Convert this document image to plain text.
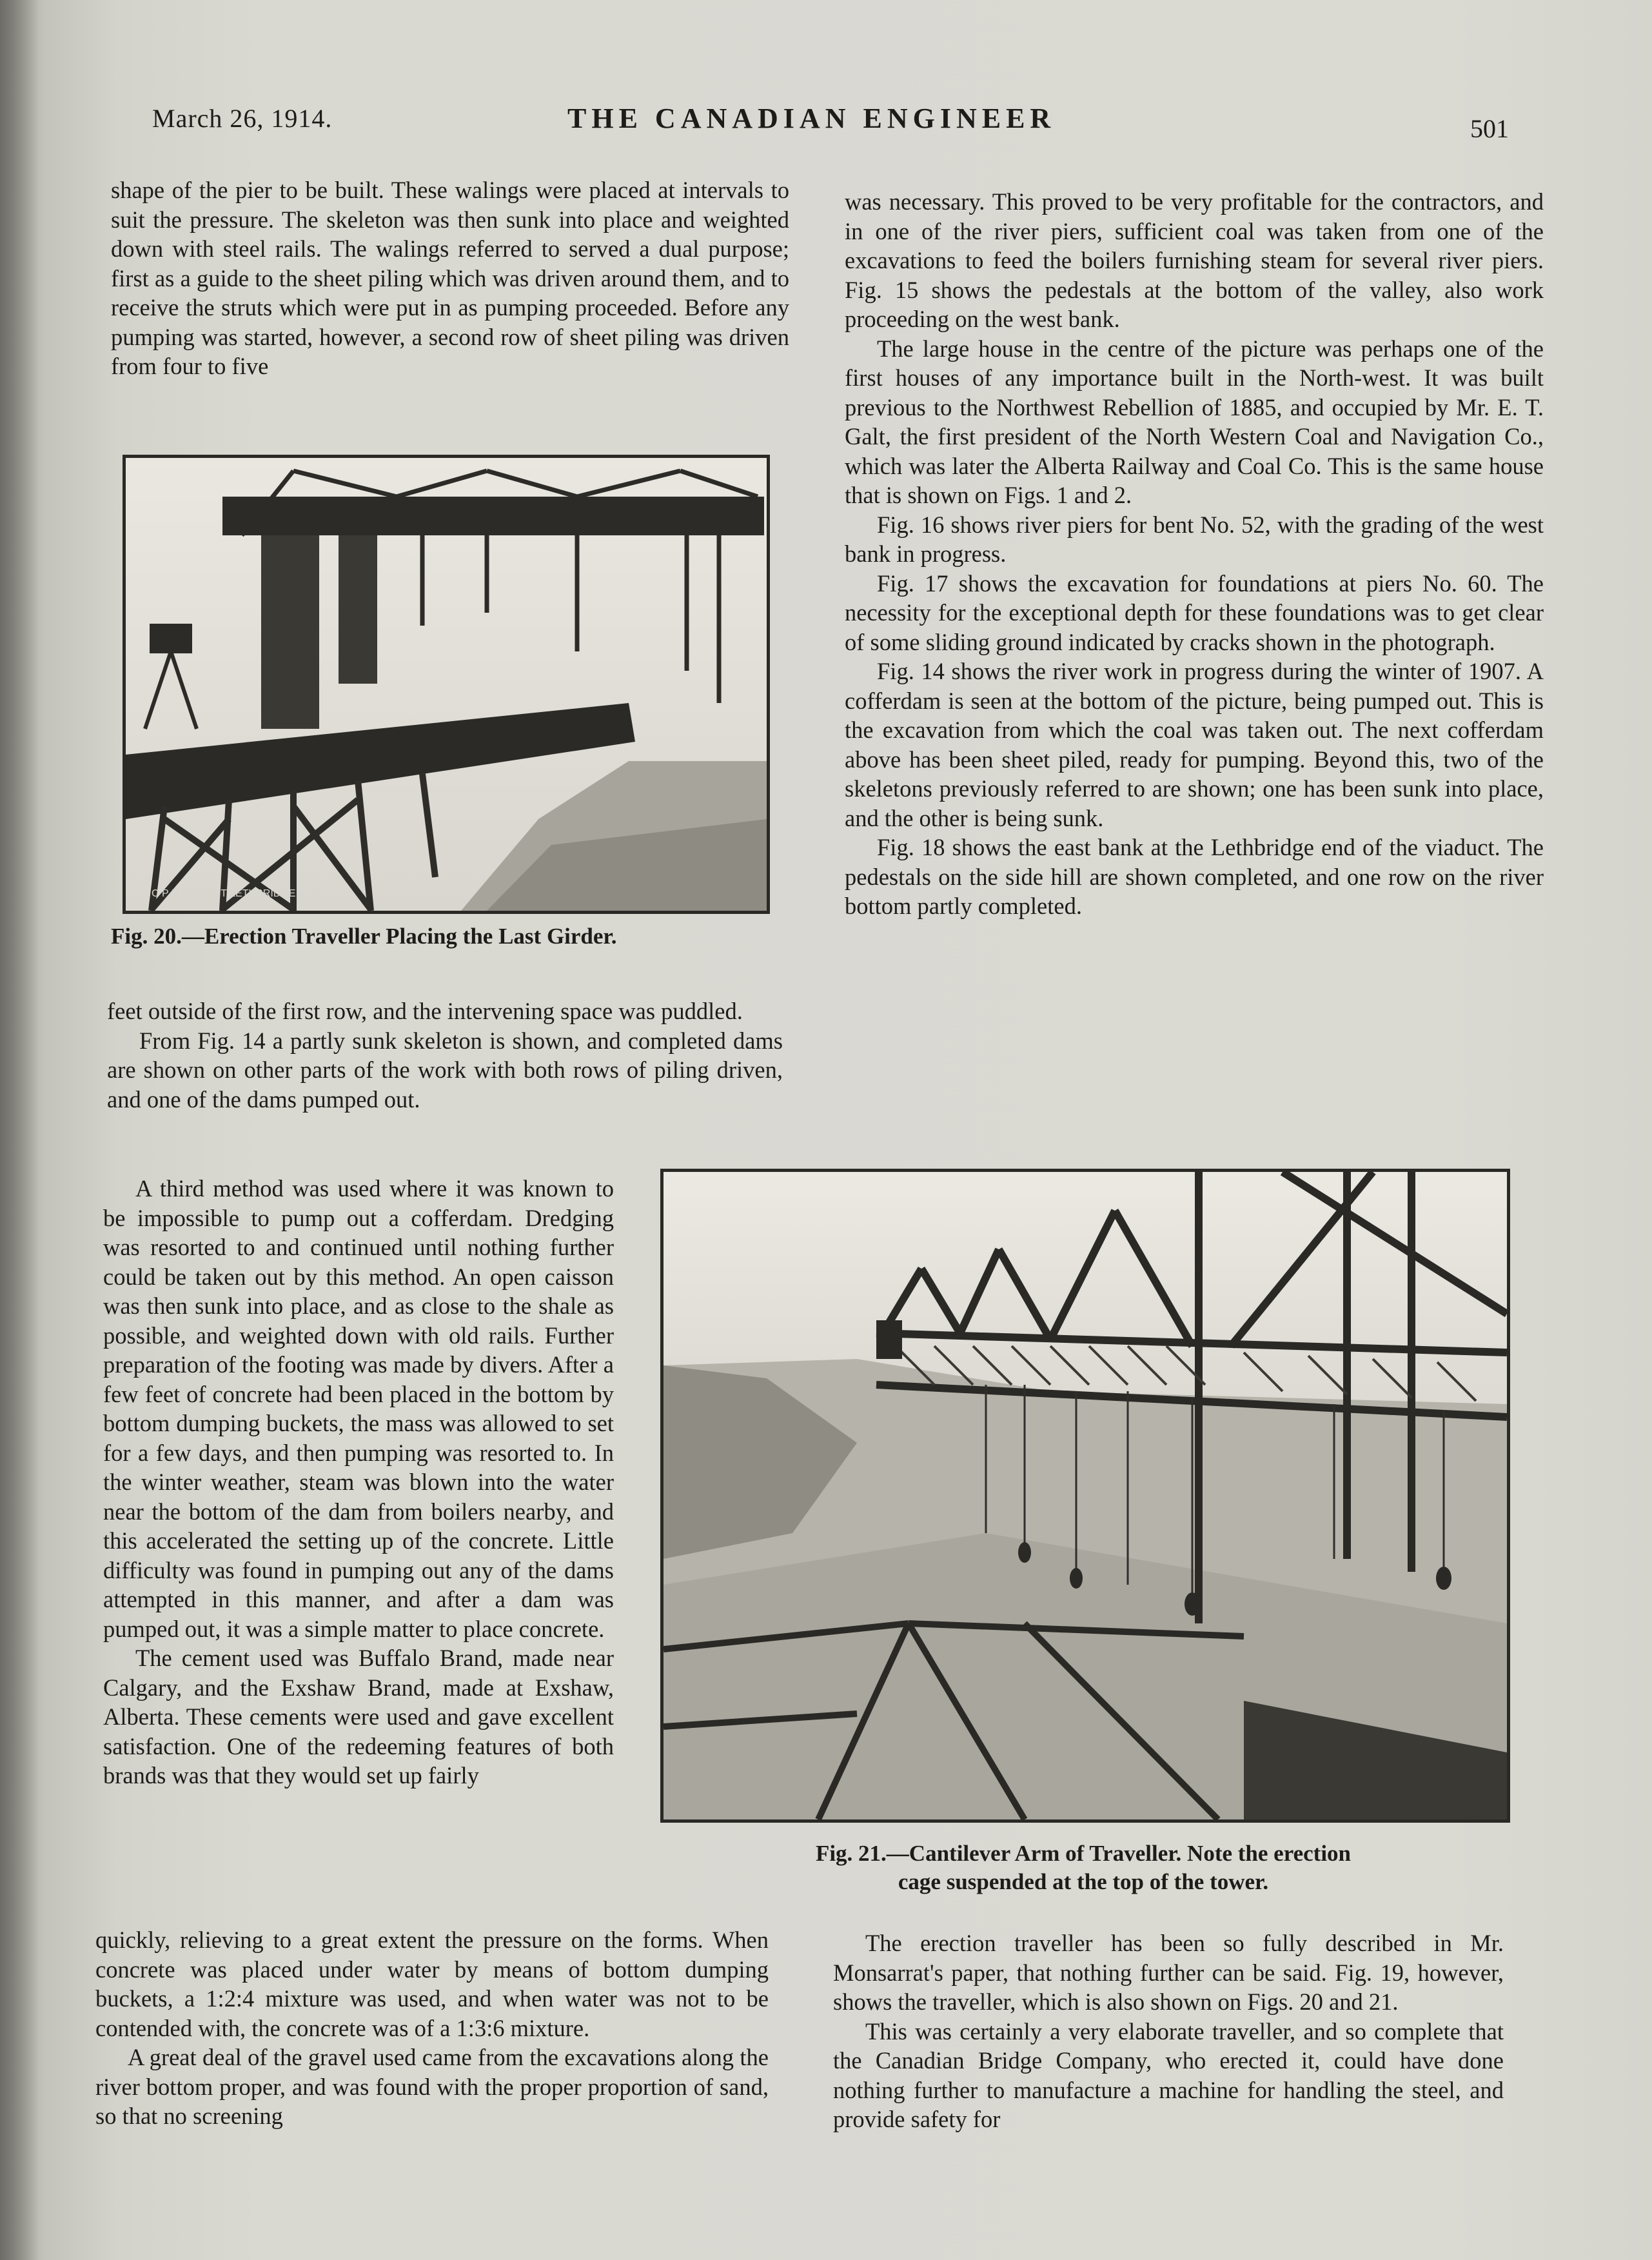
March 26, 1914.	THE CANADIAN ENGINEER	501

shape of the pier to be built. These walings were placed at intervals to suit the pressure. The skeleton was then sunk into place and weighted down with steel rails. The walings referred to served a dual purpose; first as a guide to the sheet piling which was driven around them, and to receive the struts which were put in as pumping proceeded. Before any pumping was started, however, a second row of sheet piling was driven from four to five

C P R VIADUCT LETHBRIDGE ALTA
Fig. 20.—Erection Traveller Placing the Last Girder.

feet outside of the first row, and the intervening space was puddled.

From Fig. 14 a partly sunk skeleton is shown, and completed dams are shown on other parts of the work with both rows of piling driven, and one of the dams pumped out.

A third method was used where it was known to be impossible to pump out a cofferdam. Dredging was resorted to and continued until nothing further could be taken out by this method. An open caisson was then sunk into place, and as close to the shale as possible, and weighted down with old rails. Further preparation of the footing was made by divers. After a few feet of concrete had been placed in the bottom by bottom dumping buckets, the mass was allowed to set for a few days, and then pumping was resorted to. In the winter weather, steam was blown into the water near the bottom of the dam from boilers nearby, and this accelerated the setting up of the concrete. Little difficulty was found in pumping out any of the dams attempted in this manner, and after a dam was pumped out, it was a simple matter to place concrete.

The cement used was Buffalo Brand, made near Calgary, and the Exshaw Brand, made at Exshaw, Alberta. These cements were used and gave excellent satisfaction. One of the redeeming features of both brands was that they would set up fairly

quickly, relieving to a great extent the pressure on the forms. When concrete was placed under water by means of bottom dumping buckets, a 1:2:4 mixture was used, and when water was not to be contended with, the concrete was of a 1:3:6 mixture.

A great deal of the gravel used came from the excavations along the river bottom proper, and was found with the proper proportion of sand, so that no screening

was necessary. This proved to be very profitable for the contractors, and in one of the river piers, sufficient coal was taken from one of the excavations to feed the boilers furnishing steam for several river piers. Fig. 15 shows the pedestals at the bottom of the valley, also work proceeding on the west bank.

The large house in the centre of the picture was perhaps one of the first houses of any importance built in the North-west. It was built previous to the Northwest Rebellion of 1885, and occupied by Mr. E. T. Galt, the first president of the North Western Coal and Navigation Co., which was later the Alberta Railway and Coal Co. This is the same house that is shown on Figs. 1 and 2.

Fig. 16 shows river piers for bent No. 52, with the grading of the west bank in progress.

Fig. 17 shows the excavation for foundations at piers No. 60. The necessity for the exceptional depth for these foundations was to get clear of some sliding ground indicated by cracks shown in the photograph.

Fig. 14 shows the river work in progress during the winter of 1907. A cofferdam is seen at the bottom of the picture, being pumped out. This is the excavation from which the coal was taken out. The next cofferdam above has been sheet piled, ready for pumping. Beyond this, two of the skeletons previously referred to are shown; one has been sunk into place, and the other is being sunk.

Fig. 18 shows the east bank at the Lethbridge end of the viaduct. The pedestals on the side hill are shown completed, and one row on the river bottom partly completed.

Fig. 21.—Cantilever Arm of Traveller. Note the erection
cage suspended at the top of the tower.

The erection traveller has been so fully described in Mr. Monsarrat's paper, that nothing further can be said. Fig. 19, however, shows the traveller, which is also shown on Figs. 20 and 21.

This was certainly a very elaborate traveller, and so complete that the Canadian Bridge Company, who erected it, could have done nothing further to manufacture a machine for handling the steel, and provide safety for
